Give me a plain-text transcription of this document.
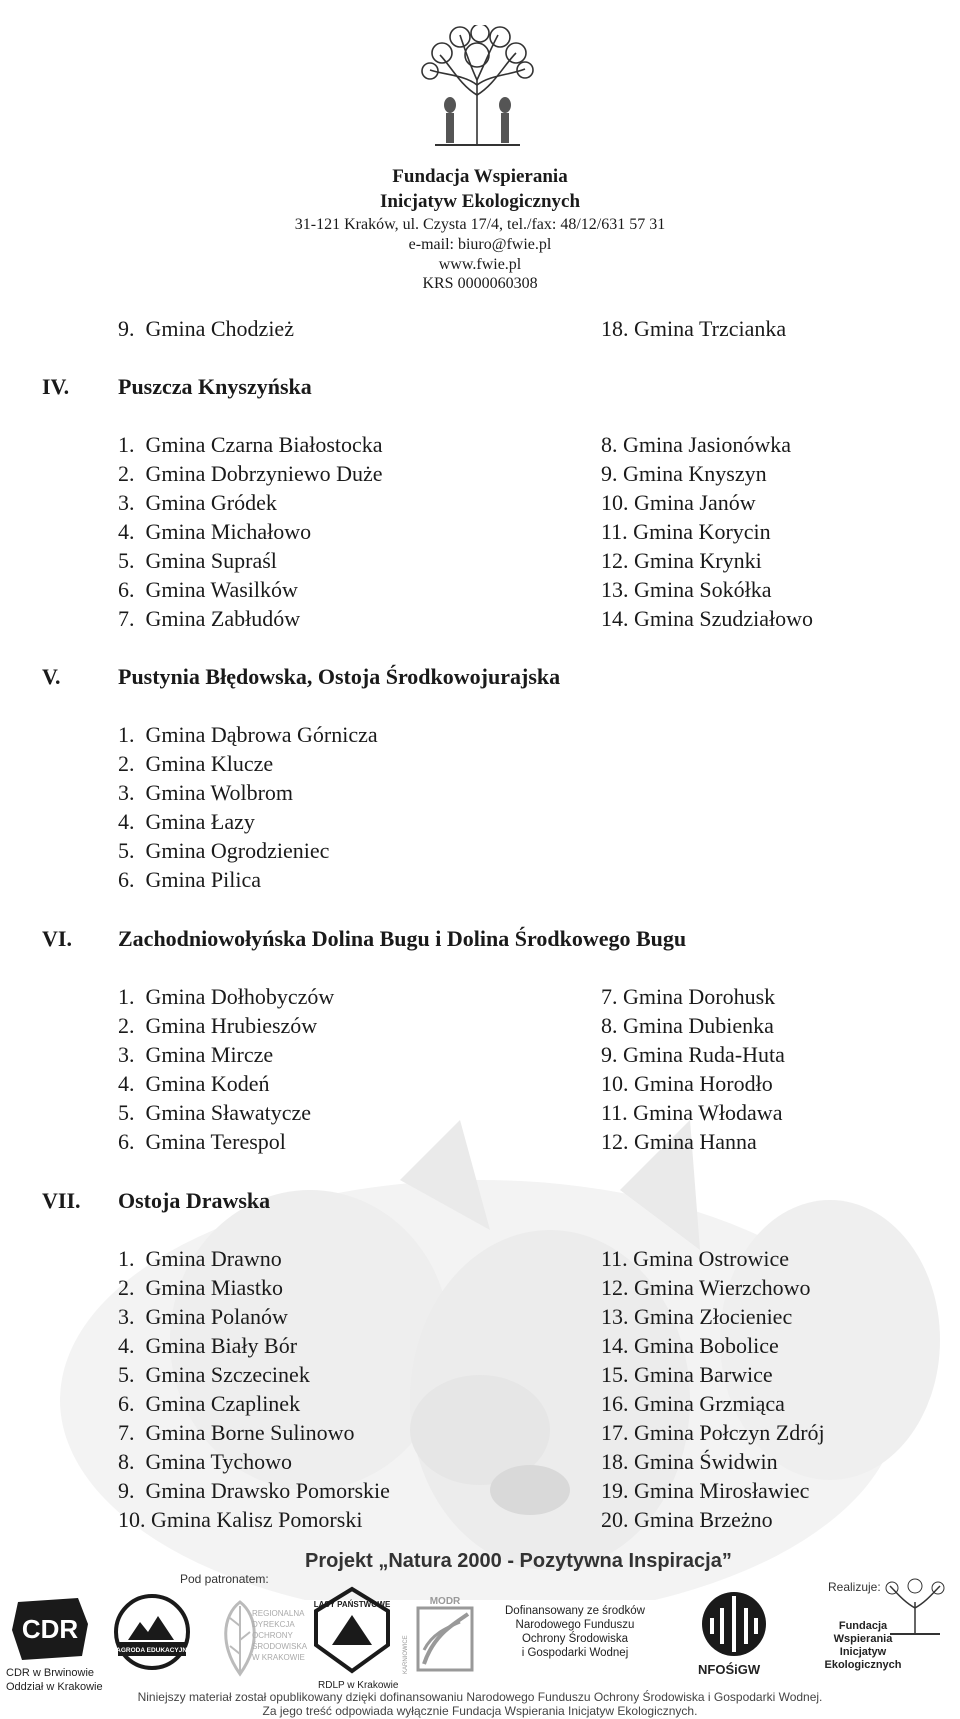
Fundacja Wspierania
Inicjatyw Ekologicznych
31-121 Kraków, ul. Czysta 17/4, tel./fax: 48/12/631 57 31
e-mail: biuro@fwie.pl
www.fwie.pl
KRS 0000060308
9.  Gmina Chodzież	18. Gmina Trzcianka
IV. Puszcza Knyszyńska
1.  Gmina Czarna Białostocka
2.  Gmina Dobrzyniewo Duże
3.  Gmina Gródek
4.  Gmina Michałowo
5.  Gmina Supraśl
6.  Gmina Wasilków
7.  Gmina Zabłudów
8. Gmina Jasionówka
9. Gmina Knyszyn
10. Gmina Janów
11. Gmina Korycin
12. Gmina Krynki
13. Gmina Sokółka
14. Gmina Szudziałowo
V.	Pustynia Błędowska, Ostoja Środkowojurajska
1.  Gmina Dąbrowa Górnicza
2.  Gmina Klucze
3.  Gmina Wolbrom
4.  Gmina Łazy
5.  Gmina Ogrodzieniec
6.  Gmina Pilica
VI. Zachodniowołyńska Dolina Bugu i Dolina Środkowego Bugu
1.  Gmina Dołhobyczów
2.  Gmina Hrubieszów
3.  Gmina Mircze
4.  Gmina Kodeń
5.  Gmina Sławatycze
6.  Gmina Terespol
7. Gmina Dorohusk
8. Gmina Dubienka
9. Gmina Ruda-Huta
10. Gmina Horodło
11. Gmina Włodawa
12. Gmina Hanna
VII. Ostoja Drawska
1.  Gmina Drawno
2.  Gmina Miastko
3.  Gmina Polanów
4.  Gmina Biały Bór
5.  Gmina Szczecinek
6.  Gmina Czaplinek
7.  Gmina Borne Sulinowo
8.  Gmina Tychowo
9.  Gmina Drawsko Pomorskie
10. Gmina Kalisz Pomorski
11. Gmina Ostrowice
12. Gmina Wierzchowo
13. Gmina Złocieniec
14. Gmina Bobolice
15. Gmina Barwice
16. Gmina Grzmiąca
17. Gmina Połczyn Zdrój
18. Gmina Świdwin
19. Gmina Mirosławiec
20. Gmina Brzeżno
Projekt „Natura 2000 - Pozytywna Inspiracja”
Pod patronatem:
Realizuje:
CDR
CDR w Brwinowie
Oddział w Krakowie
ZAGRODA EDUKACYJNA
REGIONALNA
DYREKCJA
OCHRONY
ŚRODOWISKA
W KRAKOWIE
LASY PAŃSTWOWE
RDLP w Krakowie
MODR
KARNIOWICE
Dofinansowany ze środków
Narodowego Funduszu
Ochrony Środowiska
i Gospodarki Wodnej
NFOŚiGW
Fundacja
Wspierania
Inicjatyw
Ekologicznych
Niniejszy materiał został opublikowany dzięki dofinansowaniu Narodowego Funduszu Ochrony Środowiska i Gospodarki Wodnej.
Za jego treść odpowiada wyłącznie Fundacja Wspierania Inicjatyw Ekologicznych.
